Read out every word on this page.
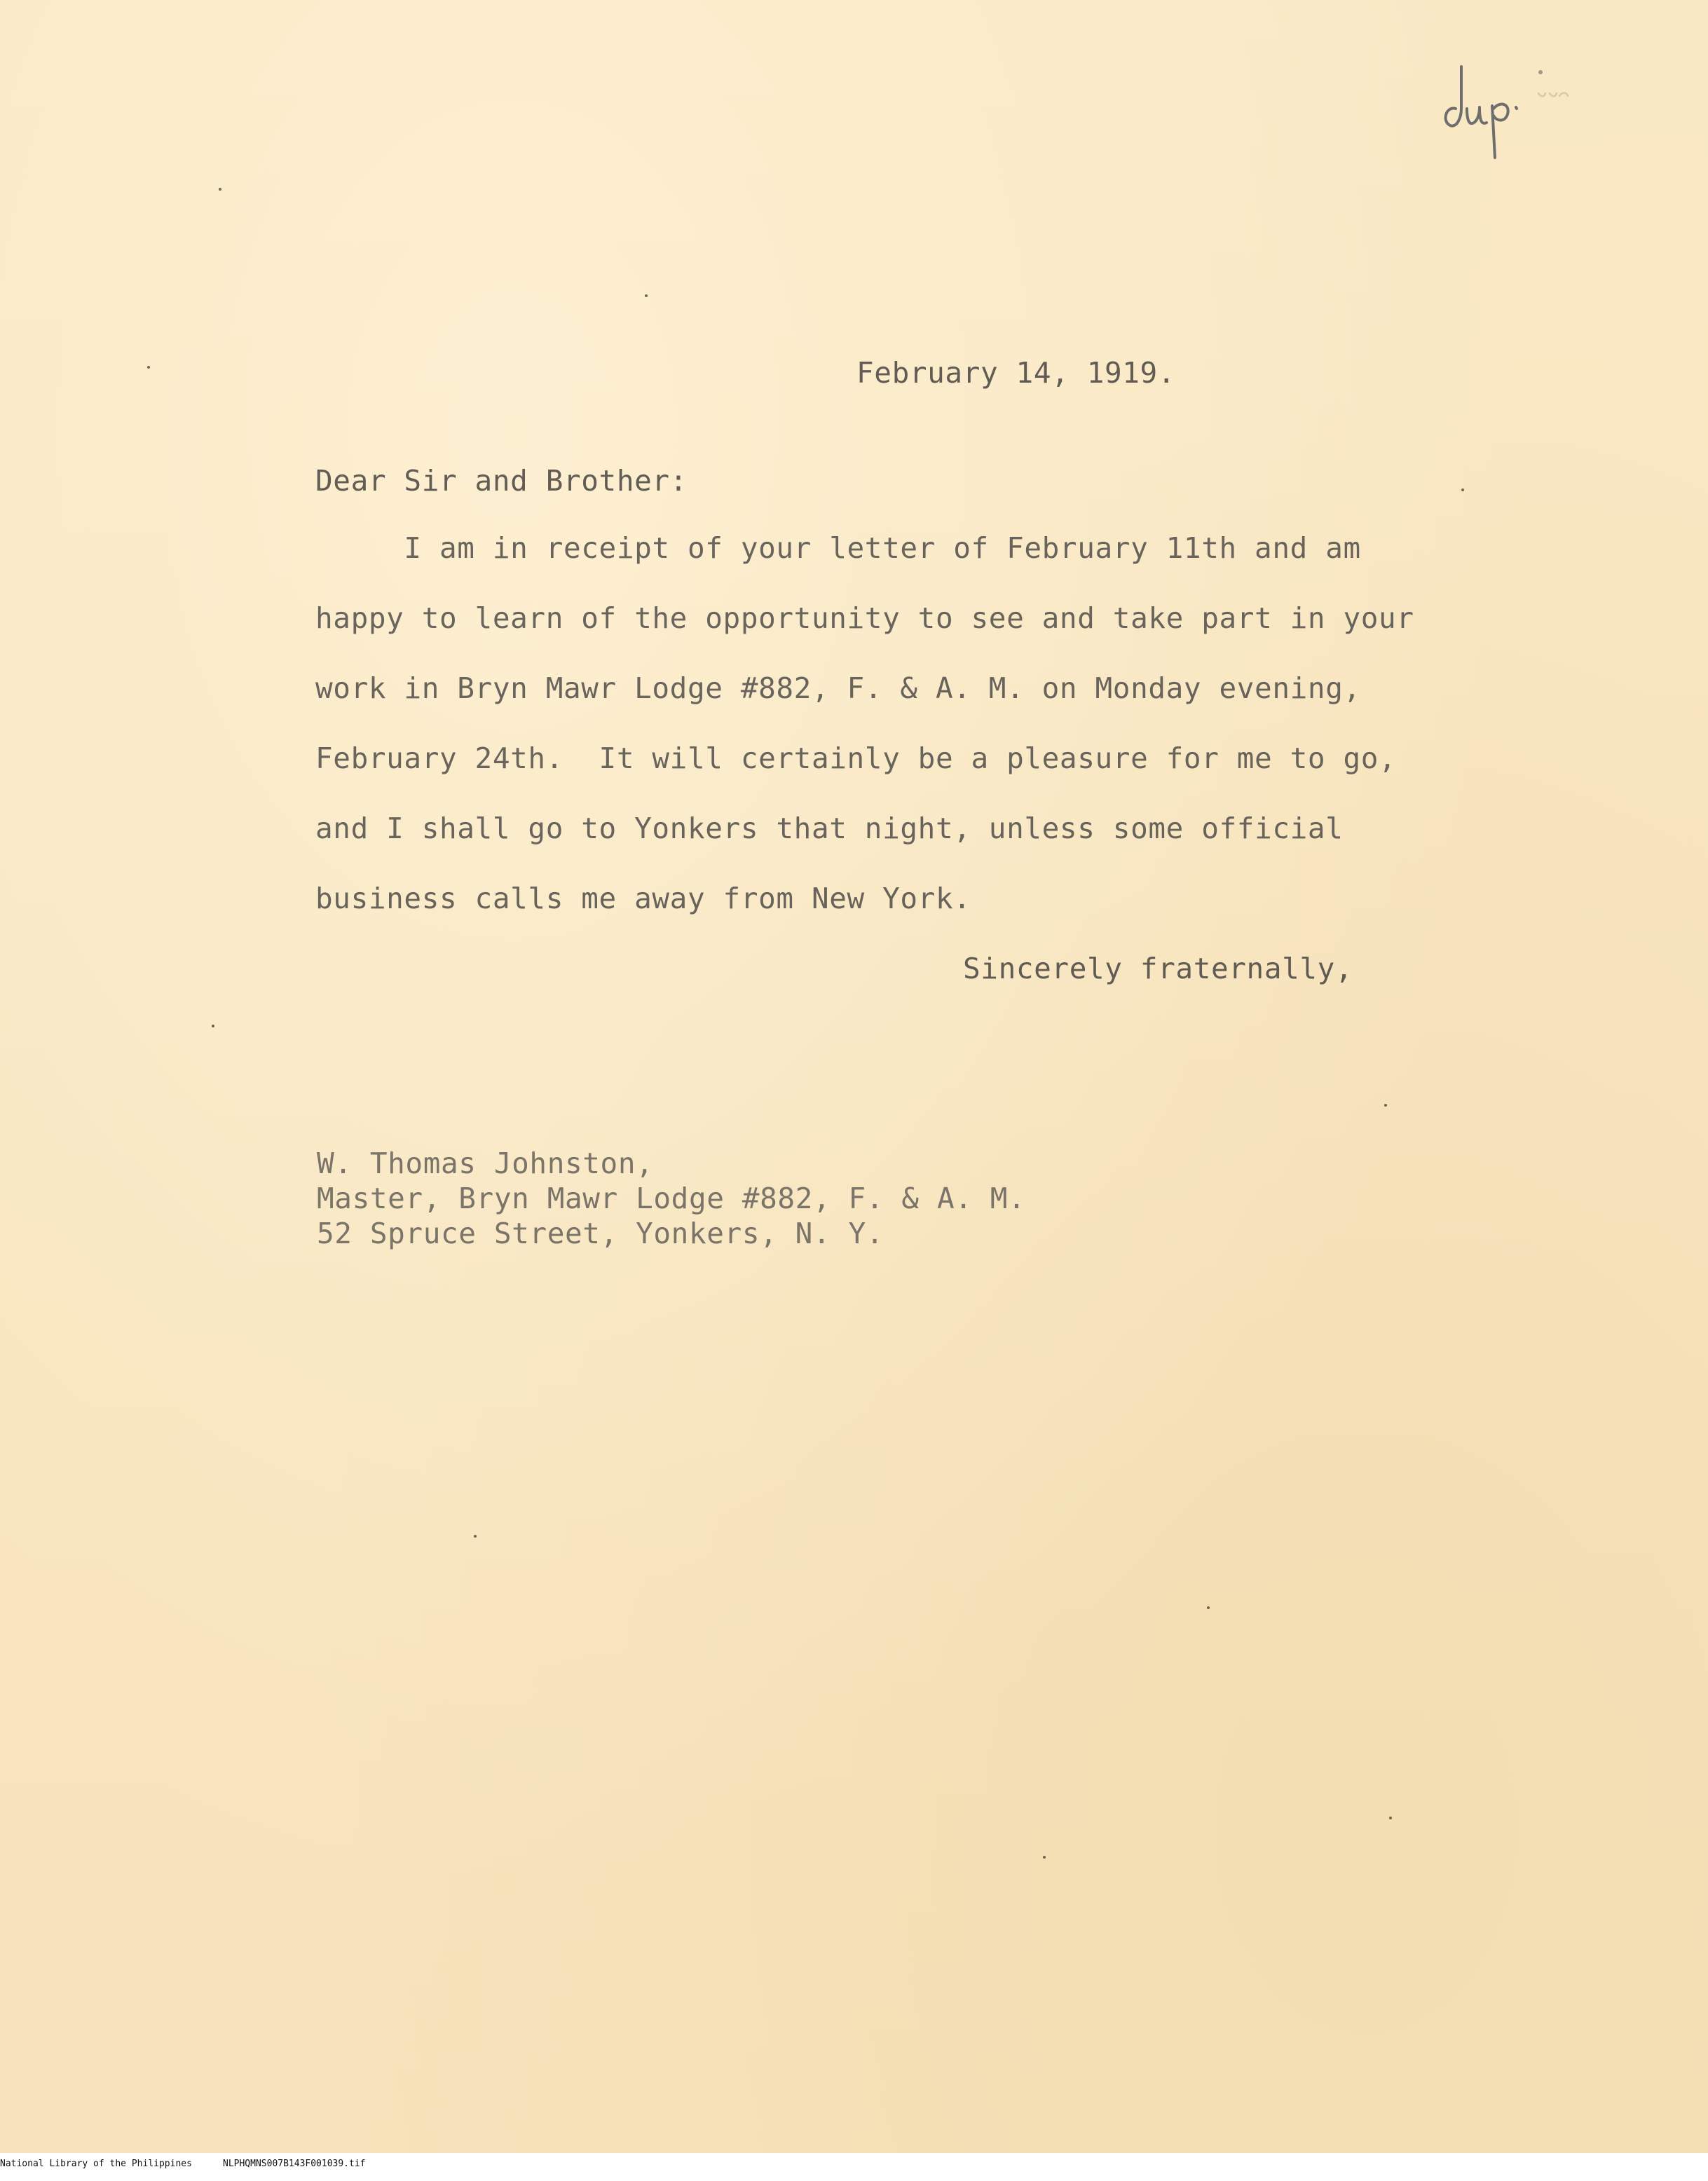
February 14, 1919.
Dear Sir and Brother:
I am in receipt of your letter of February 11th and am
happy to learn of the opportunity to see and take part in your
work in Bryn Mawr Lodge #882, F. & A. M. on Monday evening,
February 24th.  It will certainly be a pleasure for me to go,
and I shall go to Yonkers that night, unless some official
business calls me away from New York.
Sincerely fraternally,
W. Thomas Johnston,
Master, Bryn Mawr Lodge #882, F. & A. M.
52 Spruce Street, Yonkers, N. Y.
National Library of the Philippines	NLPHQMNS007B143F001039.tif
